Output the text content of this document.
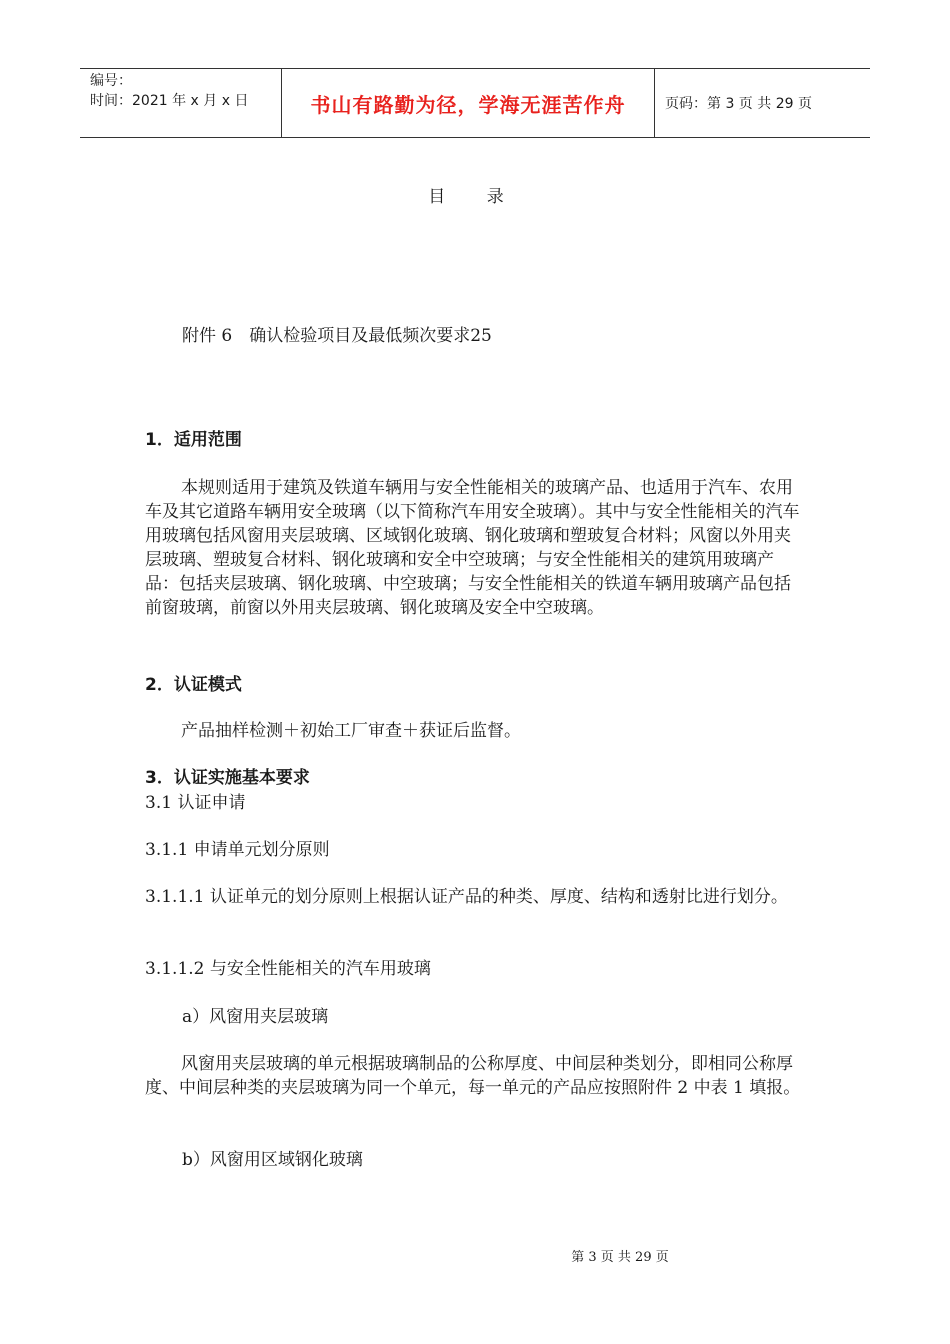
编号：
时间：2021 年 x 月 x 日	书山有路勤为径，学海无涯苦作舟	页码：第 3 页 共 29 页
目 录

附件 6　确认检验项目及最低频次要求25

1．适用范围

本规则适用于建筑及铁道车辆用与安全性能相关的玻璃产品、也适用于汽车、农用车及其它道路车辆用安全玻璃（以下简称汽车用安全玻璃）。其中与安全性能相关的汽车用玻璃包括风窗用夹层玻璃、区域钢化玻璃、钢化玻璃和塑玻复合材料；风窗以外用夹层玻璃、塑玻复合材料、钢化玻璃和安全中空玻璃；与安全性能相关的建筑用玻璃产品：包括夹层玻璃、钢化玻璃、中空玻璃；与安全性能相关的铁道车辆用玻璃产品包括前窗玻璃，前窗以外用夹层玻璃、钢化玻璃及安全中空玻璃。

2．认证模式

产品抽样检测＋初始工厂审查＋获证后监督。

3．认证实施基本要求

3.1 认证申请

3.1.1 申请单元划分原则

3.1.1.1 认证单元的划分原则上根据认证产品的种类、厚度、结构和透射比进行划分。

3.1.1.2 与安全性能相关的汽车用玻璃

a）风窗用夹层玻璃

风窗用夹层玻璃的单元根据玻璃制品的公称厚度、中间层种类划分，即相同公称厚度、中间层种类的夹层玻璃为同一个单元，每一单元的产品应按照附件 2 中表 1 填报。

b）风窗用区域钢化玻璃

第 3 页 共 29 页
